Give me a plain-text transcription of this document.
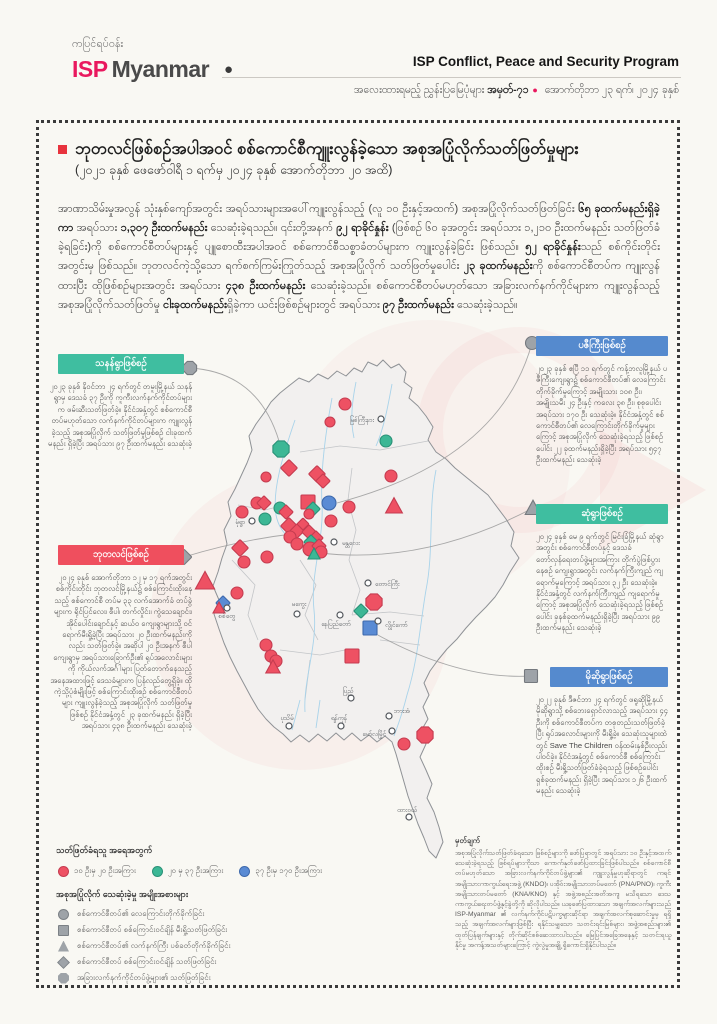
ကပြင်ရပ်ဝန်း
ISP Myanmar ●	ISP Conflict, Peace and Security Program
အလေးထားရမည့် ညွှန်းပြမြေပုံများ အမှတ်-၇၁ ● အောက်တိုဘာ ၂၃ ရက်၊ ၂၀၂၄ ခုနှစ်
မြစ်ကြီးနား
မုံရွာ
မန္တလေး
စစ်တွေ
မကွေး
တောင်ကြီး
နေပြည်တော်	လွိုင်ကော်
ပြည်
ပုသိမ်	ရန်ကုန်
ဘားအံ
မော်လမြိုင်
ထားဝယ်
ဘုတလင်ဖြစ်စဉ်အပါအဝင် စစ်ကောင်စီကျူးလွန်ခဲ့သော အစုအပြုံလိုက်သတ်ဖြတ်မှုများ
(၂၀၂၁ ခုနှစ် ဖေဖော်ဝါရီ ၁ ရက်မှ ၂၀၂၄ ခုနှစ် အောက်တိုဘာ ၂၀ အထိ)

အာဏာသိမ်းမှုအလွန် သုံးနှစ်ကျော်အတွင်း အရပ်သားများအပေါ်ကျူးလွန်သည့် (လူ ၁၀ ဦးနှင့်အထက်) အစုအပြုံလိုက်သတ်ဖြတ်ခြင်း ၆၅ ခုထက်မနည်းရှိခဲ့ကာ အရပ်သား ၁,၃၀၇ ဦးထက်မနည်း သေဆုံးခဲ့ရသည်။ ၎င်းတို့အနက် ၉၂ ရာခိုင်နှုန်း (ဖြစ်စဉ် ၆၀ ခုအတွင်း အရပ်သား ၁,၂၁၀ ဦးထက်မနည်း သတ်ဖြတ်ခံခဲ့ရခြင်း)ကို စစ်ကောင်စီတပ်များနှင့် ပျူစောထီးအပါအဝင် စစ်ကောင်စီသစ္စာခံတပ်များက ကျူးလွန်ခဲ့ခြင်း ဖြစ်သည်။ ၅၂ ရာခိုင်နှုန်းသည် စစ်ကိုင်းတိုင်းအတွင်းမှ ဖြစ်သည်။ ဘုတလင်ကဲ့သို့သော ရက်စက်ကြမ်းကြုတ်သည့် အစုအပြုံလိုက် သတ်ဖြတ်မှုပေါင်း ၂၃ ခုထက်မနည်းကို စစ်ကောင်စီတပ်က ကျူးလွန်ထားပြီး ထိုဖြစ်စဉ်များအတွင်း အရပ်သား ၄၃၈ ဦးထက်မနည်း သေဆုံးခဲ့သည်။ စစ်ကောင်စီတပ်မဟုတ်သော အခြားလက်နက်ကိုင်များက ကျူးလွန်သည့် အစုအပြုံလိုက်သတ်ဖြတ်မှု ငါးခုထက်မနည်းရှိခဲ့ကာ ယင်းဖြစ်စဉ်များတွင် အရပ်သား ၉၇ ဦးထက်မနည်း သေဆုံးခဲ့သည်။

သနန်ရွာဖြစ်စဉ်
၂၀၂၃ ခုနှစ် နိုဝင်ဘာ ၂၄ ရက်တွင် တမူးမြို့နယ် သနန်ရွာမှ ဒေသခံ ၃၇ ဦးကို ကူကီးလက်နက်ကိုင်တပ်များက ဖမ်းဆီးသတ်ဖြတ်ခဲ့။ နိုင်ငံအနှံ့တွင် စစ်ကောင်စီတပ်မဟုတ်သော လက်နက်ကိုင်တပ်များက ကျူးလွန်ခဲ့သည့် အစုအပြုံလိုက် သတ်ဖြတ်မှုဖြစ်စဉ် ငါးခုထက်မနည်း ရှိခဲ့ပြီး အရပ်သား ၉၇ ဦးထက်မနည်း သေဆုံးခဲ့
ဘုတလင်ဖြစ်စဉ်
၂၀၂၄ ခုနှစ် အောက်တိုဘာ ၁၂ မှ ၁၇ ရက်အတွင်း စစ်ကိုင်းတိုင်း ဘုတလင်မြို့နယ်၌ စစ်ကြောင်းထိုးနေသည့် စစ်ကောင်စီ တပ်မ ၃၃ လက်အောက်ခံ တပ်ခွဲများက ရိုင်ပြင်လေး၊ စီပါ၊ တက်လှိုင်း၊ ကွဲသေချောင်း၊ အိုင်ပေါင်းချောင်နှင့် ဆယ်ဝ ကျေးရွာများသို့ ဝင်ရောက်မီးရှို့ခဲ့ပြီး အရပ်သား ၂၀ ဦးထက်မနည်းကိုလည်း သတ်ဖြတ်ခဲ့။ အဆိုပါ ၂၀ ဦးအနက် စီပါကျေးရွာမှ အရပ်သားခြောက်ဦး၏ ရုပ်အလောင်းများကို ကိုယ်လက်အင်္ဂါများ ပြတ်တောက်နေသည့် အနေအထားဖြင့် ဒေသခံများက ပြန်လည်တွေ့ရှိခဲ့။ ထိုကဲ့သို့ပုံစံမျိုးဖြင့် စစ်ကြောင်းထိုးစဉ် စစ်ကောင်စီတပ်များ ကျူးလွန်ခဲ့သည့် အစုအပြုံလိုက် သတ်ဖြတ်မှုဖြစ်စဉ် နိုင်ငံအနှံ့တွင် ၂၃ ခုထက်မနည်း ရှိခဲ့ပြီး အရပ်သား ၄၃၈ ဦးထက်မနည်း သေဆုံးခဲ့
ပဇီကြီးဖြစ်စဉ်
၂၀၂၃ ခုနှစ် ဧပြီ ၁၁ ရက်တွင် ကန့်ဘလူမြို့နယ် ပဇီကြီးကျေးရွာ၌ စစ်ကောင်စီတပ်၏ လေကြောင်းတိုက်ခိုက်မှုကြောင့် အမျိုးသား ၁၀၈ ဦး၊ အမျိုးသမီး ၂၄ ဦးနှင့် ကလေး ၃၈ ဦး၊ စုစုပေါင်း အရပ်သား ၁၇၀ ဦး သေဆုံးခဲ့။ နိုင်ငံအနှံ့တွင် စစ်ကောင်စီတပ်၏ လေကြောင်းတိုက်ခိုက်မှုများကြောင့် အစုအပြုံလိုက် သေဆုံးခဲ့ရသည့် ဖြစ်စဉ်ပေါင်း ၂၂ ခုထက်မနည်းရှိခဲ့ပြီး အရပ်သား ၅၄၇ ဦးထက်မနည်း သေဆုံးခဲ့
ဆုံရွာဖြစ်စဉ်
၂၀၂၄ ခုနှစ် မေ ၉ ရက်တွင် မြင်းခြံမြို့နယ် ဆုံရွာအတွင်း စစ်ကောင်စီတပ်နှင့် ဒေသခံ တော်လှန်ရေးတပ်ဖွဲ့များအကြား တိုက်ပွဲဖြစ်ပွားနေစဉ် ကျေးရွာအတွင်း လက်နက်ကြီးကျည် ကျရောက်မှုကြောင့် အရပ်သား ၃၂ ဦး သေဆုံးခဲ့။ နိုင်ငံအနှံ့တွင် လက်နက်ကြီးကျည် ကျရောက်မှုကြောင့် အစုအပြုံလိုက် သေဆုံးခဲ့ရသည့် ဖြစ်စဉ်ပေါင်း ခုနစ်ခုထက်မနည်းရှိခဲ့ပြီး အရပ်သား ၉၉ ဦးထက်မနည်း သေဆုံးခဲ့
မိုဆိုရွာဖြစ်စဉ်
၂၀၂၂ ခုနှစ် ဒီဇင်ဘာ ၂၄ ရက်တွင် ဖရူဆိုမြို့နယ် မိုဆိုရွာသို့ စစ်ဘေးရှောင်လာသည့် အရပ်သား ၄၄ ဦးကို စစ်ကောင်စီတပ်က တစုတည်းသတ်ဖြတ်ခဲ့ပြီး ရုပ်အလောင်းများကို မီးရှို့ခဲ့။ သေဆုံးသူများထဲတွင် Save The Children ဝန်ထမ်းနှစ်ဦးလည်း ပါဝင်ခဲ့။ နိုင်ငံအနှံ့တွင် စစ်ကောင်စီ စစ်ကြောင်းထိုးစဉ် မီးရှို့သတ်ဖြတ်ခံခဲ့ရသည့် ဖြစ်စဉ်ပေါင်း ရှစ်ခုထက်မနည်း ရှိခဲ့ပြီး အရပ်သား ၁၂၆ ဦးထက်မနည်း သေဆုံးခဲ့
သတ်ဖြတ်ခံရသူ အရေအတွက်
၁၀ ဦးမှ ၂၀ ဦးအကြား	၂၀ မှ ၃၇ ဦးအကြား	၃၇ ဦးမှ ၁၇၀ ဦးအကြား
အစုအပြုံလိုက် သေဆုံးခဲ့မှု အမျိုးအစားများ
စစ်ကောင်စီတပ်၏ လေကြောင်းတိုက်ခိုက်ခြင်း
စစ်ကောင်စီတပ် စစ်ကြောင်းဝင်ချိန် မီးရှို့သတ်ဖြတ်ခြင်း
စစ်ကောင်စီတပ်၏ လက်နက်ကြီး ပစ်ခတ်တိုက်ခိုက်ခြင်း
စစ်ကောင်စီတပ် စစ်ကြောင်းဝင်ချိန် သတ်ဖြတ်ခြင်း
အခြားလက်နက်ကိုင်တပ်ဖွဲ့များ၏ သတ်ဖြတ်ခြင်း
မှတ်ချက်
အစုအပြုံလိုက်သတ်ဖြတ်ခံရသော ဖြစ်စဉ်များကို ဖော်ပြရာတွင် အရပ်သား ၁၀ ဦးနှင့်အထက် သေဆုံးခဲ့ရသည့် ဖြစ်ရပ်များကိုသာ ကောက်နုတ်ဖော်ပြထားခြင်းဖြစ်ပါသည်။ စစ်ကောင်စီတပ်မဟုတ်သော အခြားလက်နက်ကိုင်တပ်ဖွဲ့များ၏ ကျူးလွန်မှုဟုဆိုရာတွင် ကရင်အမျိုးသားကာကွယ်ရေးအဖွဲ့ (KNDO)၊ ပအိုဝ်းအမျိုးသားတပ်မတော် (PNA/PNO)၊ ကူကီးအမျိုးသားတပ်မတော် (KNA/KNO) နှင့် အဖွဲ့အစည်းအတိအကျ မသိရသော ဒေသကာကွယ်ရေးတပ်ဖွဲ့နှင့်ခွဲတို့ကို ဆိုလိုပါသည်။ ယခုဖော်ပြထားသော အချက်အလက်များသည် ISP-Myanmar ၏ လက်နက်ကိုင်ပဋိပက္ခများဆိုင်ရာ အချက်အလက်စုဆောင်းမှုမှ ရရှိသည့် အချက်အလက်များဖြစ်ပြီး ရနိုင်သမျှသော သတင်းရင်းမြစ်များ၊ အဖွဲ့အစည်းများ၏ ထုတ်ပြန်ချက်များနှင့် တိုက်ဆိုင်စစ်ဆေးထားပါသည်။ မြေပြင်အခြေအနေနှင့် သတင်းရယူနိုင်မှု အကန့်အသတ်များကြောင့် ကွဲလွဲမှုအချို့ ရှိကောင်းရှိနိုင်ပါသည်။
